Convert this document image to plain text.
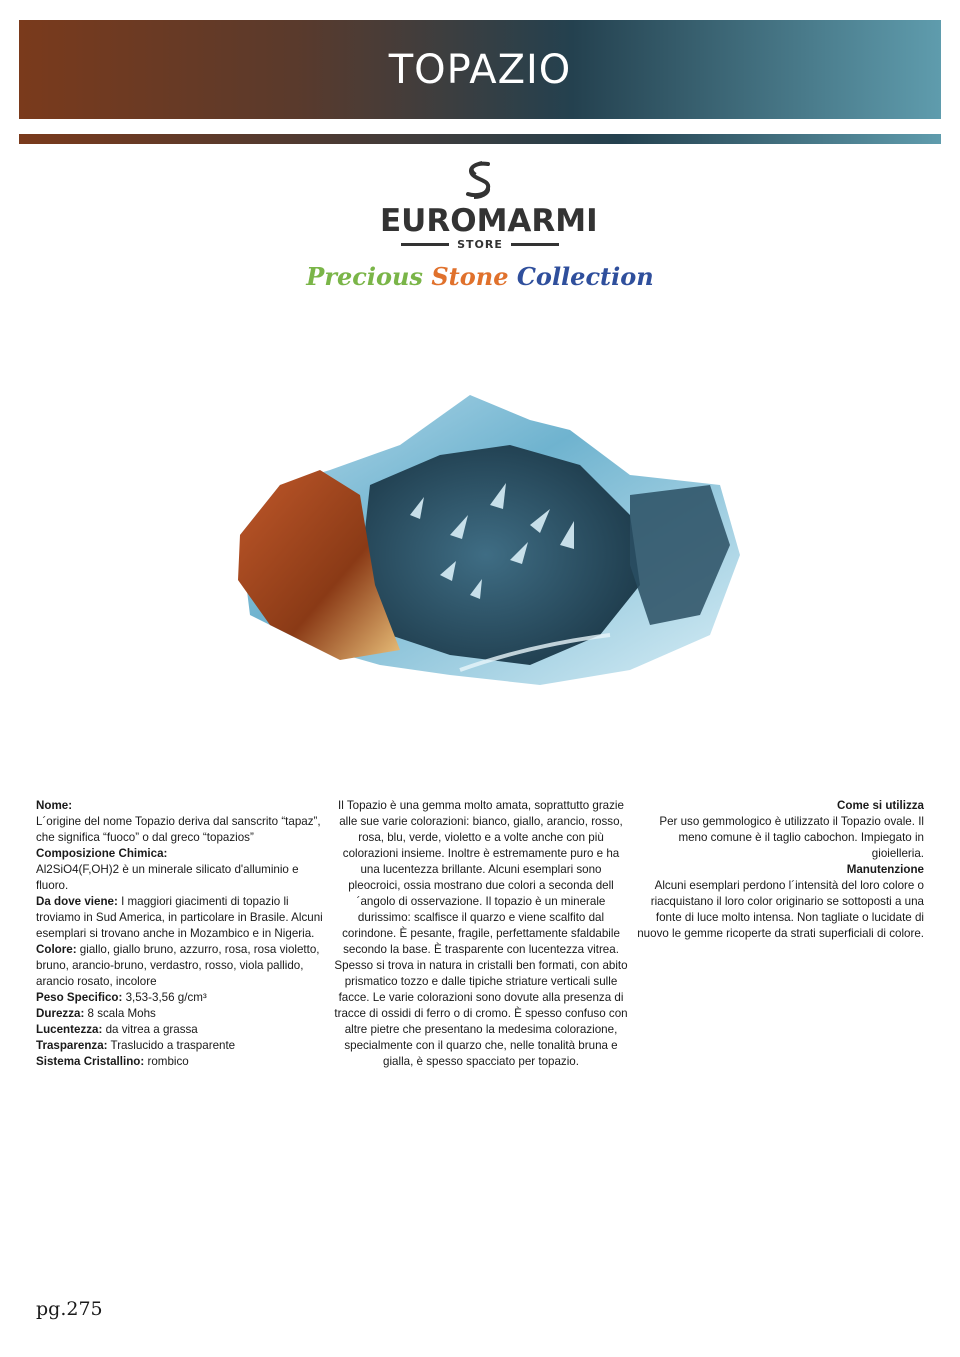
TOPAZIO
EUROMARMI
STORE
Precious Stone Collection

Nome:

L´origine del nome Topazio deriva dal sanscrito “tapaz”, che significa “fuoco” o dal greco “topazios”

Composizione Chimica:

Al2SiO4(F,OH)2 è un minerale silicato d'alluminio e fluoro.

Da dove viene: I maggiori giacimenti di topazio li troviamo in Sud America, in particolare in Brasile. Alcuni esemplari si trovano anche in Mozambico e in Nigeria.

Colore: giallo, giallo bruno, azzurro, rosa, rosa violetto, bruno, arancio-bruno, verdastro, rosso, viola pallido, arancio rosato, incolore

Peso Specifico: 3,53-3,56 g/cm³

Durezza: 8 scala Mohs

Lucentezza: da vitrea a grassa

Trasparenza: Traslucido a trasparente

Sistema Cristallino: rombico

Il Topazio è una gemma molto amata, soprattutto grazie alle sue varie colorazioni: bianco, giallo, arancio, rosso, rosa, blu, verde, violetto e a volte anche con più colorazioni insieme. Inoltre è estremamente puro e ha una lucentezza brillante. Alcuni esemplari sono pleocroici, ossia mostrano due colori a seconda dell´angolo di osservazione. Il topazio è un minerale durissimo: scalfisce il quarzo e viene scalfito dal corindone. È pesante, fragile, perfettamente sfaldabile secondo la base. È trasparente con lucentezza vitrea. Spesso si trova in natura in cristalli ben formati, con abito prismatico tozzo e dalle tipiche striature verticali sulle facce. Le varie colorazioni sono dovute alla presenza di tracce di ossidi di ferro o di cromo. È spesso confuso con altre pietre che presentano la medesima colorazione, specialmente con il quarzo che, nelle tonalità bruna e gialla, è spesso spacciato per topazio.

Come si utilizza

Per uso gemmologico è utilizzato il Topazio ovale. Il meno comune è il taglio cabochon. Impiegato in gioielleria.

Manutenzione

Alcuni esemplari perdono l´intensità del loro colore o riacquistano il loro color originario se sottoposti a una fonte di luce molto intensa. Non tagliate o lucidate di nuovo le gemme ricoperte da strati superficiali di colore.

pg.275
